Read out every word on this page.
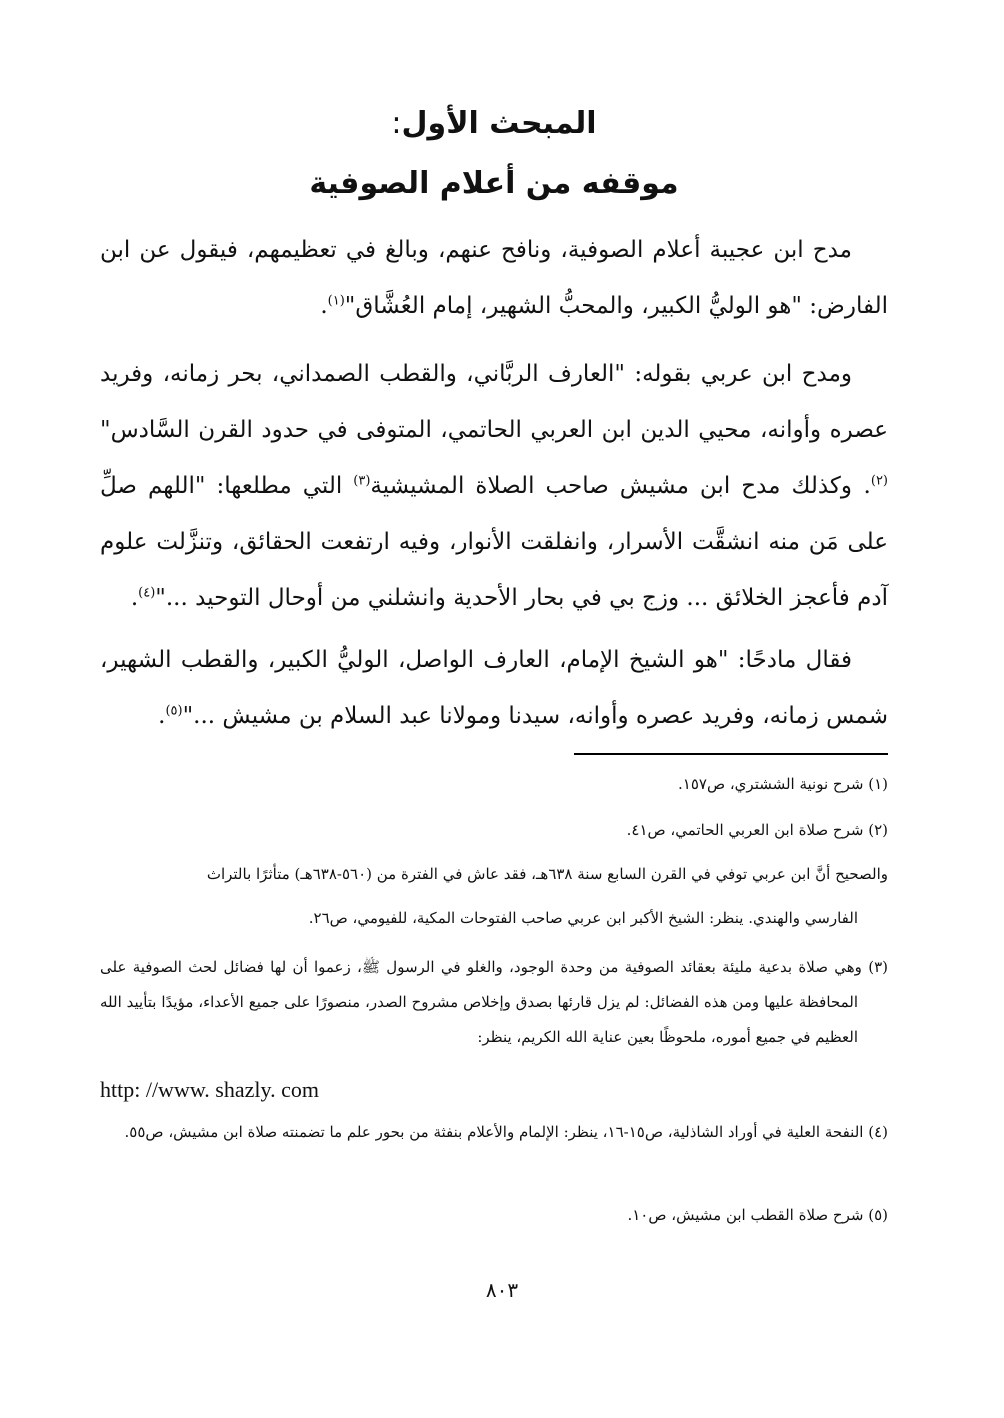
المبحث الأول:
موقفه من أعلام الصوفية

مدح ابن عجيبة أعلام الصوفية، ونافح عنهم، وبالغ في تعظيمهم، فيقول عن ابن الفارض: "هو الوليُّ الكبير، والمحبُّ الشهير، إمام العُشَّاق"$^{(١)}$.

ومدح ابن عربي بقوله: "العارف الربَّاني، والقطب الصمداني، بحر زمانه، وفريد عصره وأوانه، محيي الدين ابن العربي الحاتمي، المتوفى في حدود القرن السَّادس"$^{(٢)}$.

وكذلك مدح ابن مشيش صاحب الصلاة المشيشية$^{(٣)}$ التي مطلعها: "اللهم صلِّ على مَن منه انشقَّت الأسرار، وانفلقت الأنوار، وفيه ارتفعت الحقائق، وتنزَّلت علوم آدم فأعجز الخلائق ... وزج بي في بحار الأحدية وانشلني من أوحال التوحيد ..."$^{(٤)}$.

فقال مادحًا: "هو الشيخ الإمام، العارف الواصل، الوليُّ الكبير، والقطب الشهير، شمس زمانه، وفريد عصره وأوانه، سيدنا ومولانا عبد السلام بن مشيش ..."$^{(٥)}$.

(١) شرح نونية الششتري، ص١٥٧.

(٢) شرح صلاة ابن العربي الحاتمي، ص٤١.

والصحيح أنَّ ابن عربي توفي في القرن السابع سنة ٦٣٨هـ، فقد عاش في الفترة من (٥٦٠-٦٣٨هـ) متأثرًا بالتراث

الفارسي والهندي. ينظر: الشيخ الأكبر ابن عربي صاحب الفتوحات المكية، للفيومي، ص٢٦.

(٣) وهي صلاة بدعية مليئة بعقائد الصوفية من وحدة الوجود، والغلو في الرسول ﷺ، زعموا أن لها فضائل لحث الصوفية على المحافظة عليها ومن هذه الفضائل: لم يزل قارئها بصدق وإخلاص مشروح الصدر، منصورًا على جميع الأعداء، مؤيدًا بتأييد الله العظيم في جميع أموره، ملحوظًا بعين عناية الله الكريم، ينظر:

http: //www. shazly. com

(٤) النفحة العلية في أوراد الشاذلية، ص١٥-١٦، ينظر: الإلمام والأعلام بنفثة من بحور علم ما تضمنته صلاة ابن مشيش، ص٥٥.

(٥) شرح صلاة القطب ابن مشيش، ص١٠.

٨٠٣
